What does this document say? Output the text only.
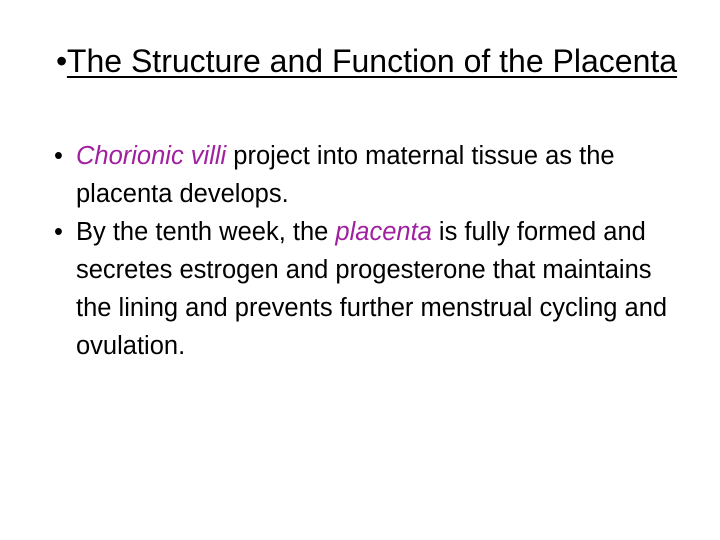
• The Structure and Function of the Placenta
• Chorionic villi project into maternal tissue as the placenta develops.
• By the tenth week, the placenta is fully formed and secretes estrogen and progesterone that maintains the lining and prevents further menstrual cycling and ovulation.
